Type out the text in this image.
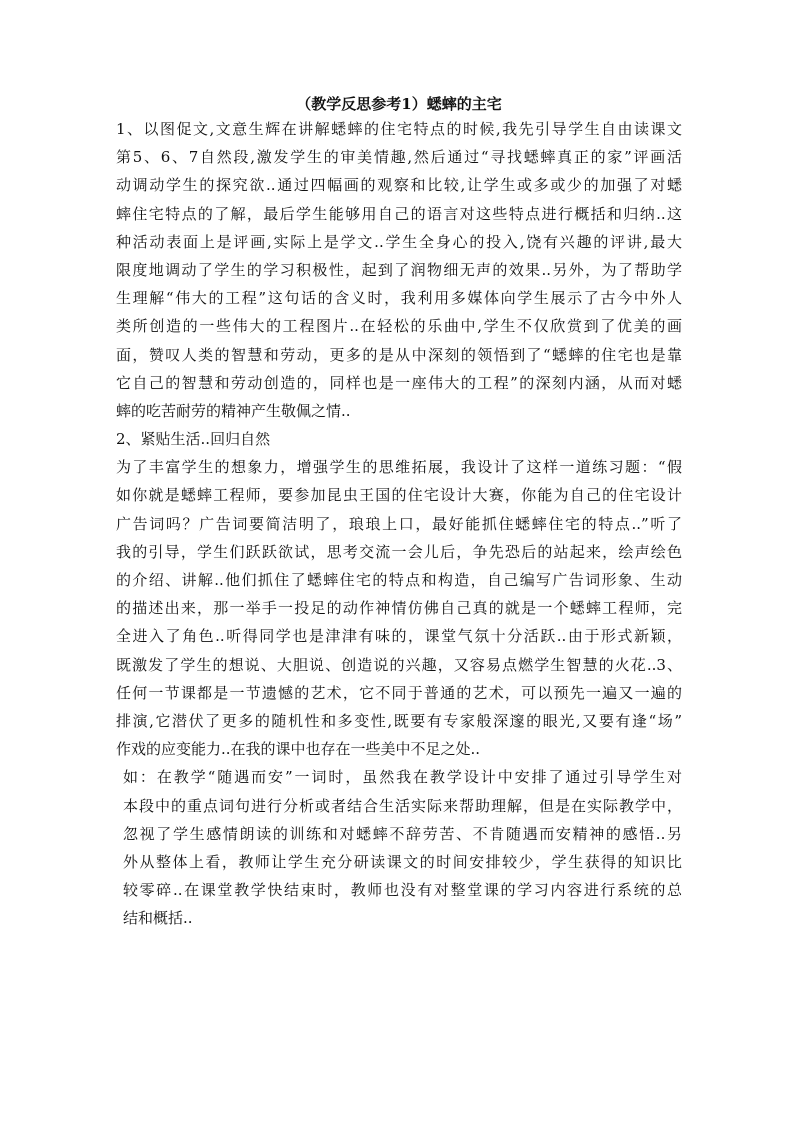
（教学反思参考1）蟋蟀的主宅
1、以图促文,文意生辉在讲解蟋蟀的住宅特点的时候,我先引导学生自由读课文
第5、6、7自然段,激发学生的审美情趣,然后通过“寻找蟋蟀真正的家”评画活
动调动学生的探究欲..通过四幅画的观察和比较,让学生或多或少的加强了对蟋
蟀住宅特点的了解，最后学生能够用自己的语言对这些特点进行概括和归纳..这
种活动表面上是评画,实际上是学文..学生全身心的投入,饶有兴趣的评讲,最大
限度地调动了学生的学习积极性，起到了润物细无声的效果..另外，为了帮助学
生理解“伟大的工程”这句话的含义时，我利用多媒体向学生展示了古今中外人
类所创造的一些伟大的工程图片..在轻松的乐曲中,学生不仅欣赏到了优美的画
面，赞叹人类的智慧和劳动，更多的是从中深刻的领悟到了“蟋蟀的住宅也是靠
它自己的智慧和劳动创造的，同样也是一座伟大的工程”的深刻内涵，从而对蟋
蟀的吃苦耐劳的精神产生敬佩之情..
2、紧贴生活..回归自然
为了丰富学生的想象力，增强学生的思维拓展，我设计了这样一道练习题：“假
如你就是蟋蟀工程师，要参加昆虫王国的住宅设计大赛，你能为自己的住宅设计
广告词吗？广告词要简洁明了，琅琅上口，最好能抓住蟋蟀住宅的特点..”听了
我的引导，学生们跃跃欲试，思考交流一会儿后，争先恐后的站起来，绘声绘色
的介绍、讲解..他们抓住了蟋蟀住宅的特点和构造，自己编写广告词形象、生动
的描述出来，那一举手一投足的动作神情仿佛自己真的就是一个蟋蟀工程师，完
全进入了角色..听得同学也是津津有味的，课堂气氛十分活跃..由于形式新颖，
既激发了学生的想说、大胆说、创造说的兴趣，又容易点燃学生智慧的火花..3、
任何一节课都是一节遗憾的艺术，它不同于普通的艺术，可以预先一遍又一遍的
排演,它潜伏了更多的随机性和多变性,既要有专家般深邃的眼光,又要有逢“场”
作戏的应变能力..在我的课中也存在一些美中不足之处..
如：在教学“随遇而安”一词时，虽然我在教学设计中安排了通过引导学生对
本段中的重点词句进行分析或者结合生活实际来帮助理解，但是在实际教学中，
忽视了学生感情朗读的训练和对蟋蟀不辞劳苦、不肯随遇而安精神的感悟..另
外从整体上看，教师让学生充分研读课文的时间安排较少，学生获得的知识比
较零碎..在课堂教学快结束时，教师也没有对整堂课的学习内容进行系统的总
结和概括..
